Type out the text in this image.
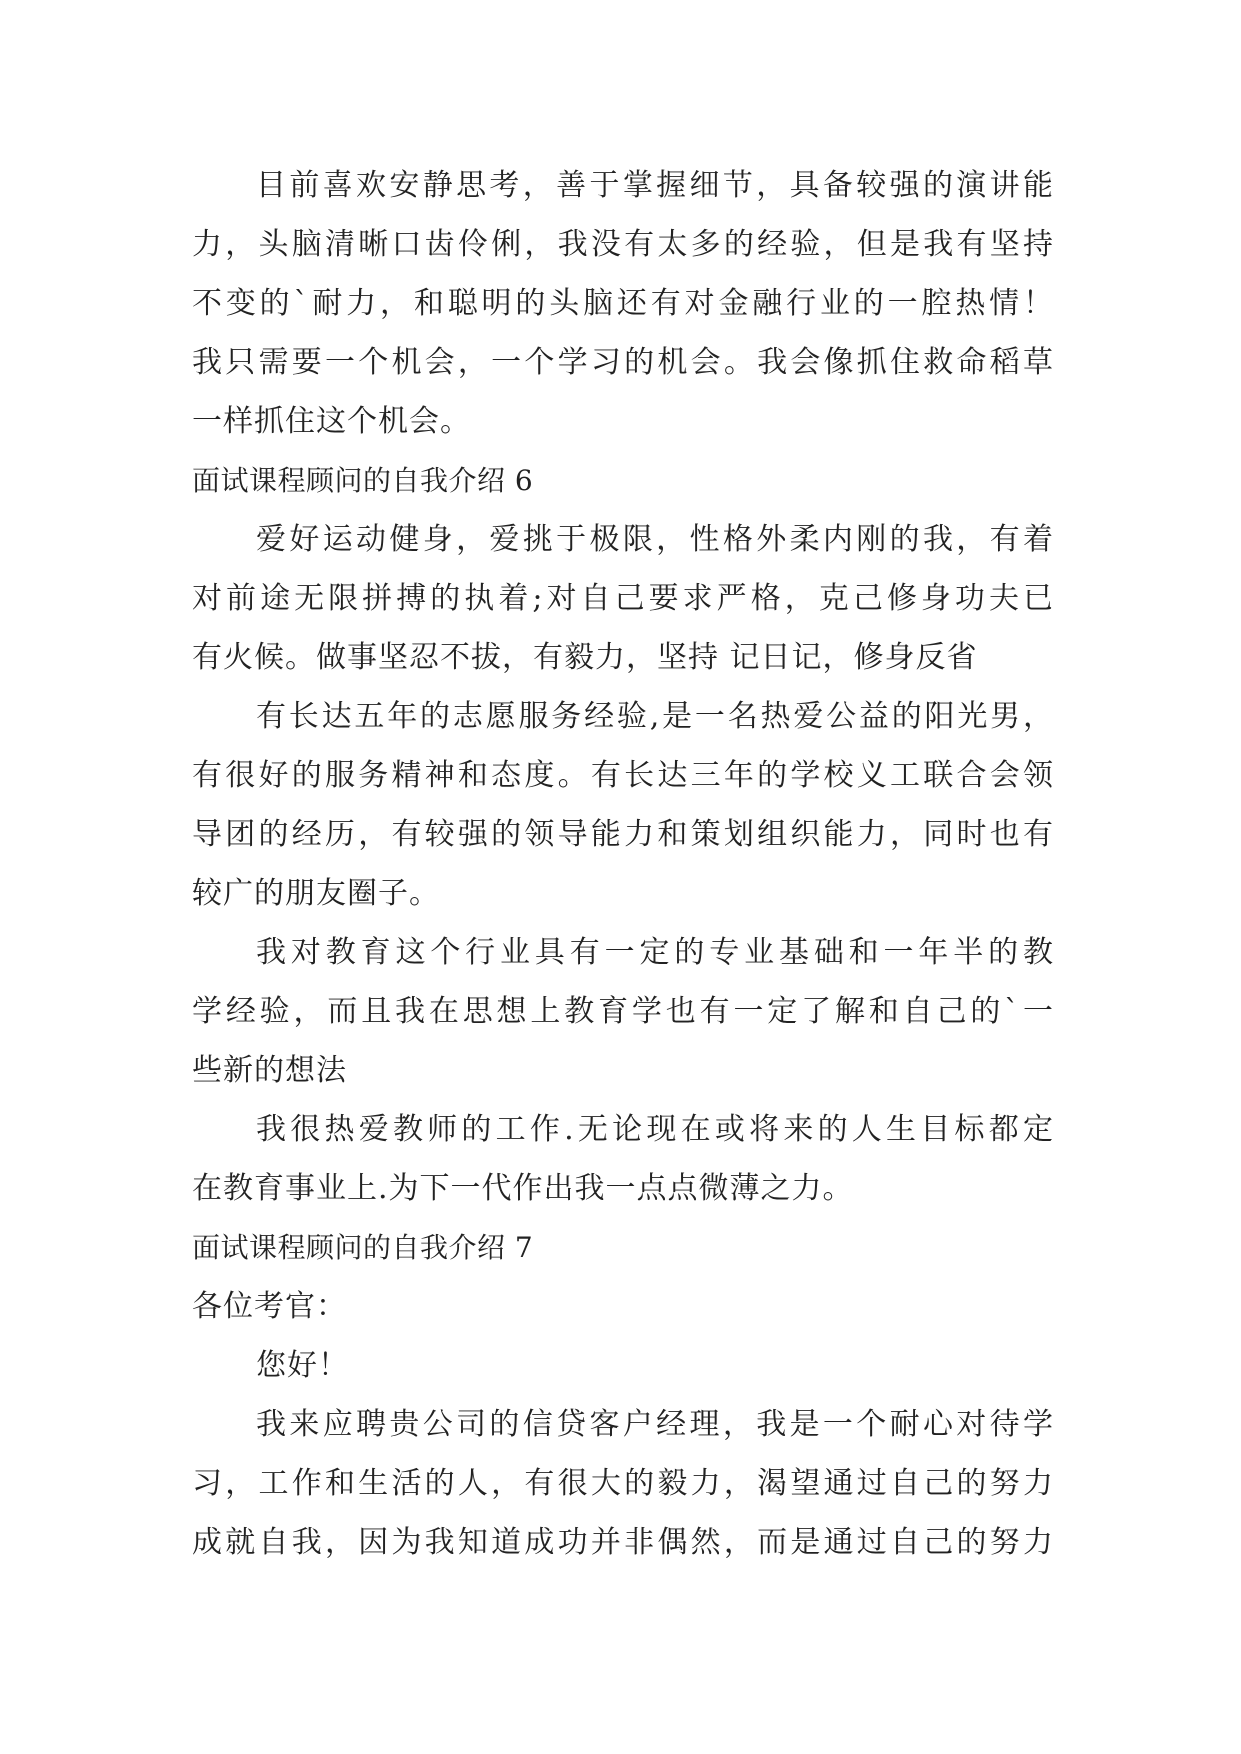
目前喜欢安静思考，善于掌握细节，具备较强的演讲能
力，头脑清晰口齿伶俐，我没有太多的经验，但是我有坚持
不变的`耐力，和聪明的头脑还有对金融行业的一腔热情！
我只需要一个机会，一个学习的机会。我会像抓住救命稻草
一样抓住这个机会。
面试课程顾问的自我介绍 6
爱好运动健身，爱挑于极限，性格外柔内刚的我，有着
对前途无限拼搏的执着;对自己要求严格，克己修身功夫已
有火候。做事坚忍不拔，有毅力，坚持 记日记，修身反省
有长达五年的志愿服务经验,是一名热爱公益的阳光男，
有很好的服务精神和态度。有长达三年的学校义工联合会领
导团的经历，有较强的领导能力和策划组织能力，同时也有
较广的朋友圈子。
我对教育这个行业具有一定的专业基础和一年半的教
学经验，而且我在思想上教育学也有一定了解和自己的`一
些新的想法
我很热爱教师的工作.无论现在或将来的人生目标都定
在教育事业上.为下一代作出我一点点微薄之力。
面试课程顾问的自我介绍 7
各位考官：
您好！
我来应聘贵公司的信贷客户经理，我是一个耐心对待学
习，工作和生活的人，有很大的毅力，渴望通过自己的努力
成就自我，因为我知道成功并非偶然，而是通过自己的努力
